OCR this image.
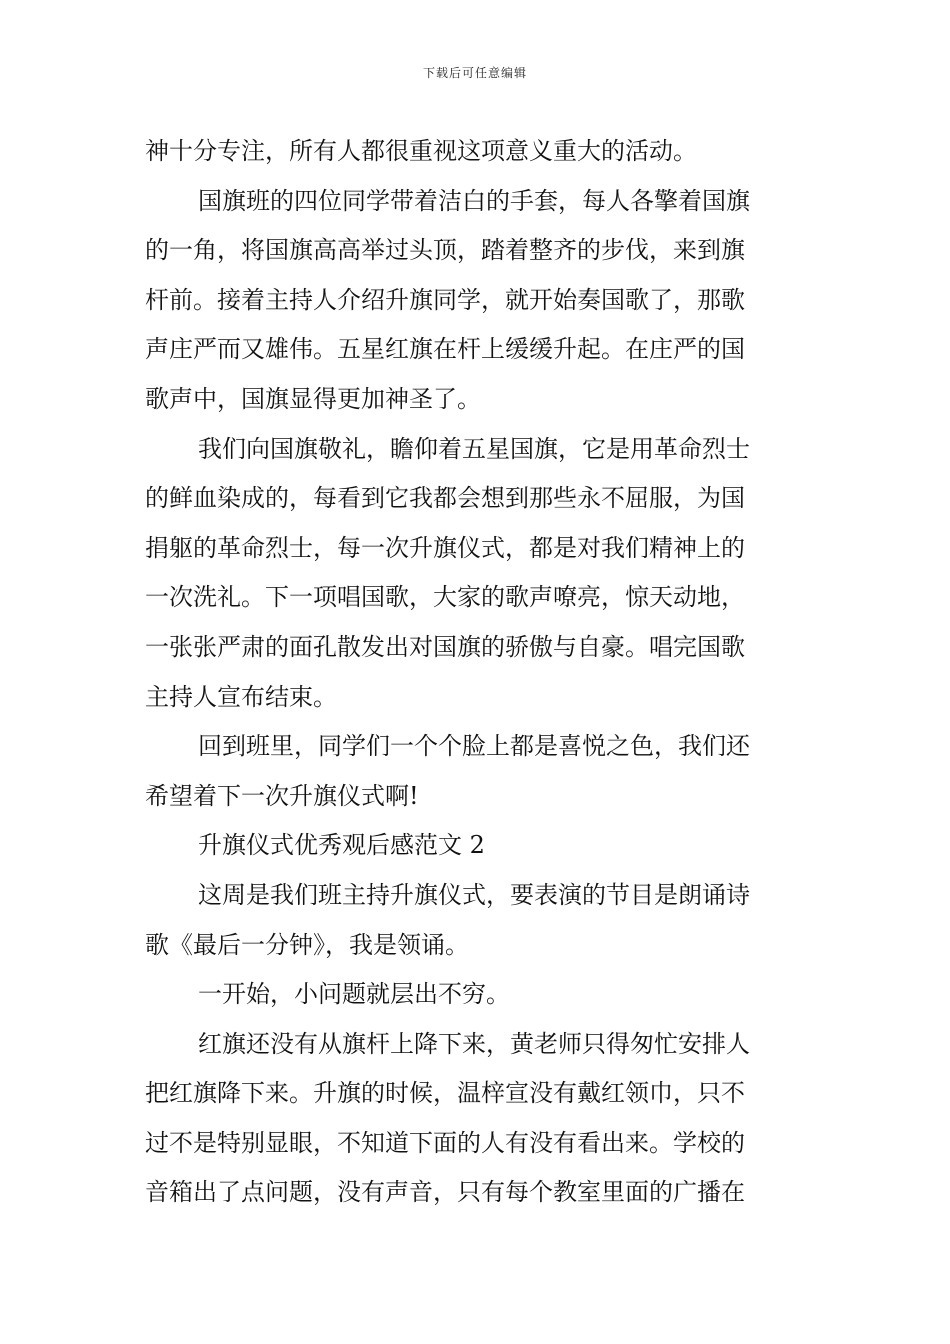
下载后可任意编辑
神十分专注，所有人都很重视这项意义重大的活动。
国旗班的四位同学带着洁白的手套，每人各擎着国旗
的一角，将国旗高高举过头顶，踏着整齐的步伐，来到旗
杆前。接着主持人介绍升旗同学，就开始奏国歌了，那歌
声庄严而又雄伟。五星红旗在杆上缓缓升起。在庄严的国
歌声中，国旗显得更加神圣了。
我们向国旗敬礼，瞻仰着五星国旗，它是用革命烈士
的鲜血染成的，每看到它我都会想到那些永不屈服，为国
捐躯的革命烈士，每一次升旗仪式，都是对我们精神上的
一次洗礼。下一项唱国歌，大家的歌声嘹亮，惊天动地，
一张张严肃的面孔散发出对国旗的骄傲与自豪。唱完国歌
主持人宣布结束。
回到班里，同学们一个个脸上都是喜悦之色，我们还
希望着下一次升旗仪式啊!
升旗仪式优秀观后感范文 2
这周是我们班主持升旗仪式，要表演的节目是朗诵诗
歌《最后一分钟》，我是领诵。
一开始，小问题就层出不穷。
红旗还没有从旗杆上降下来，黄老师只得匆忙安排人
把红旗降下来。升旗的时候，温梓宣没有戴红领巾，只不
过不是特别显眼，不知道下面的人有没有看出来。学校的
音箱出了点问题，没有声音，只有每个教室里面的广播在
